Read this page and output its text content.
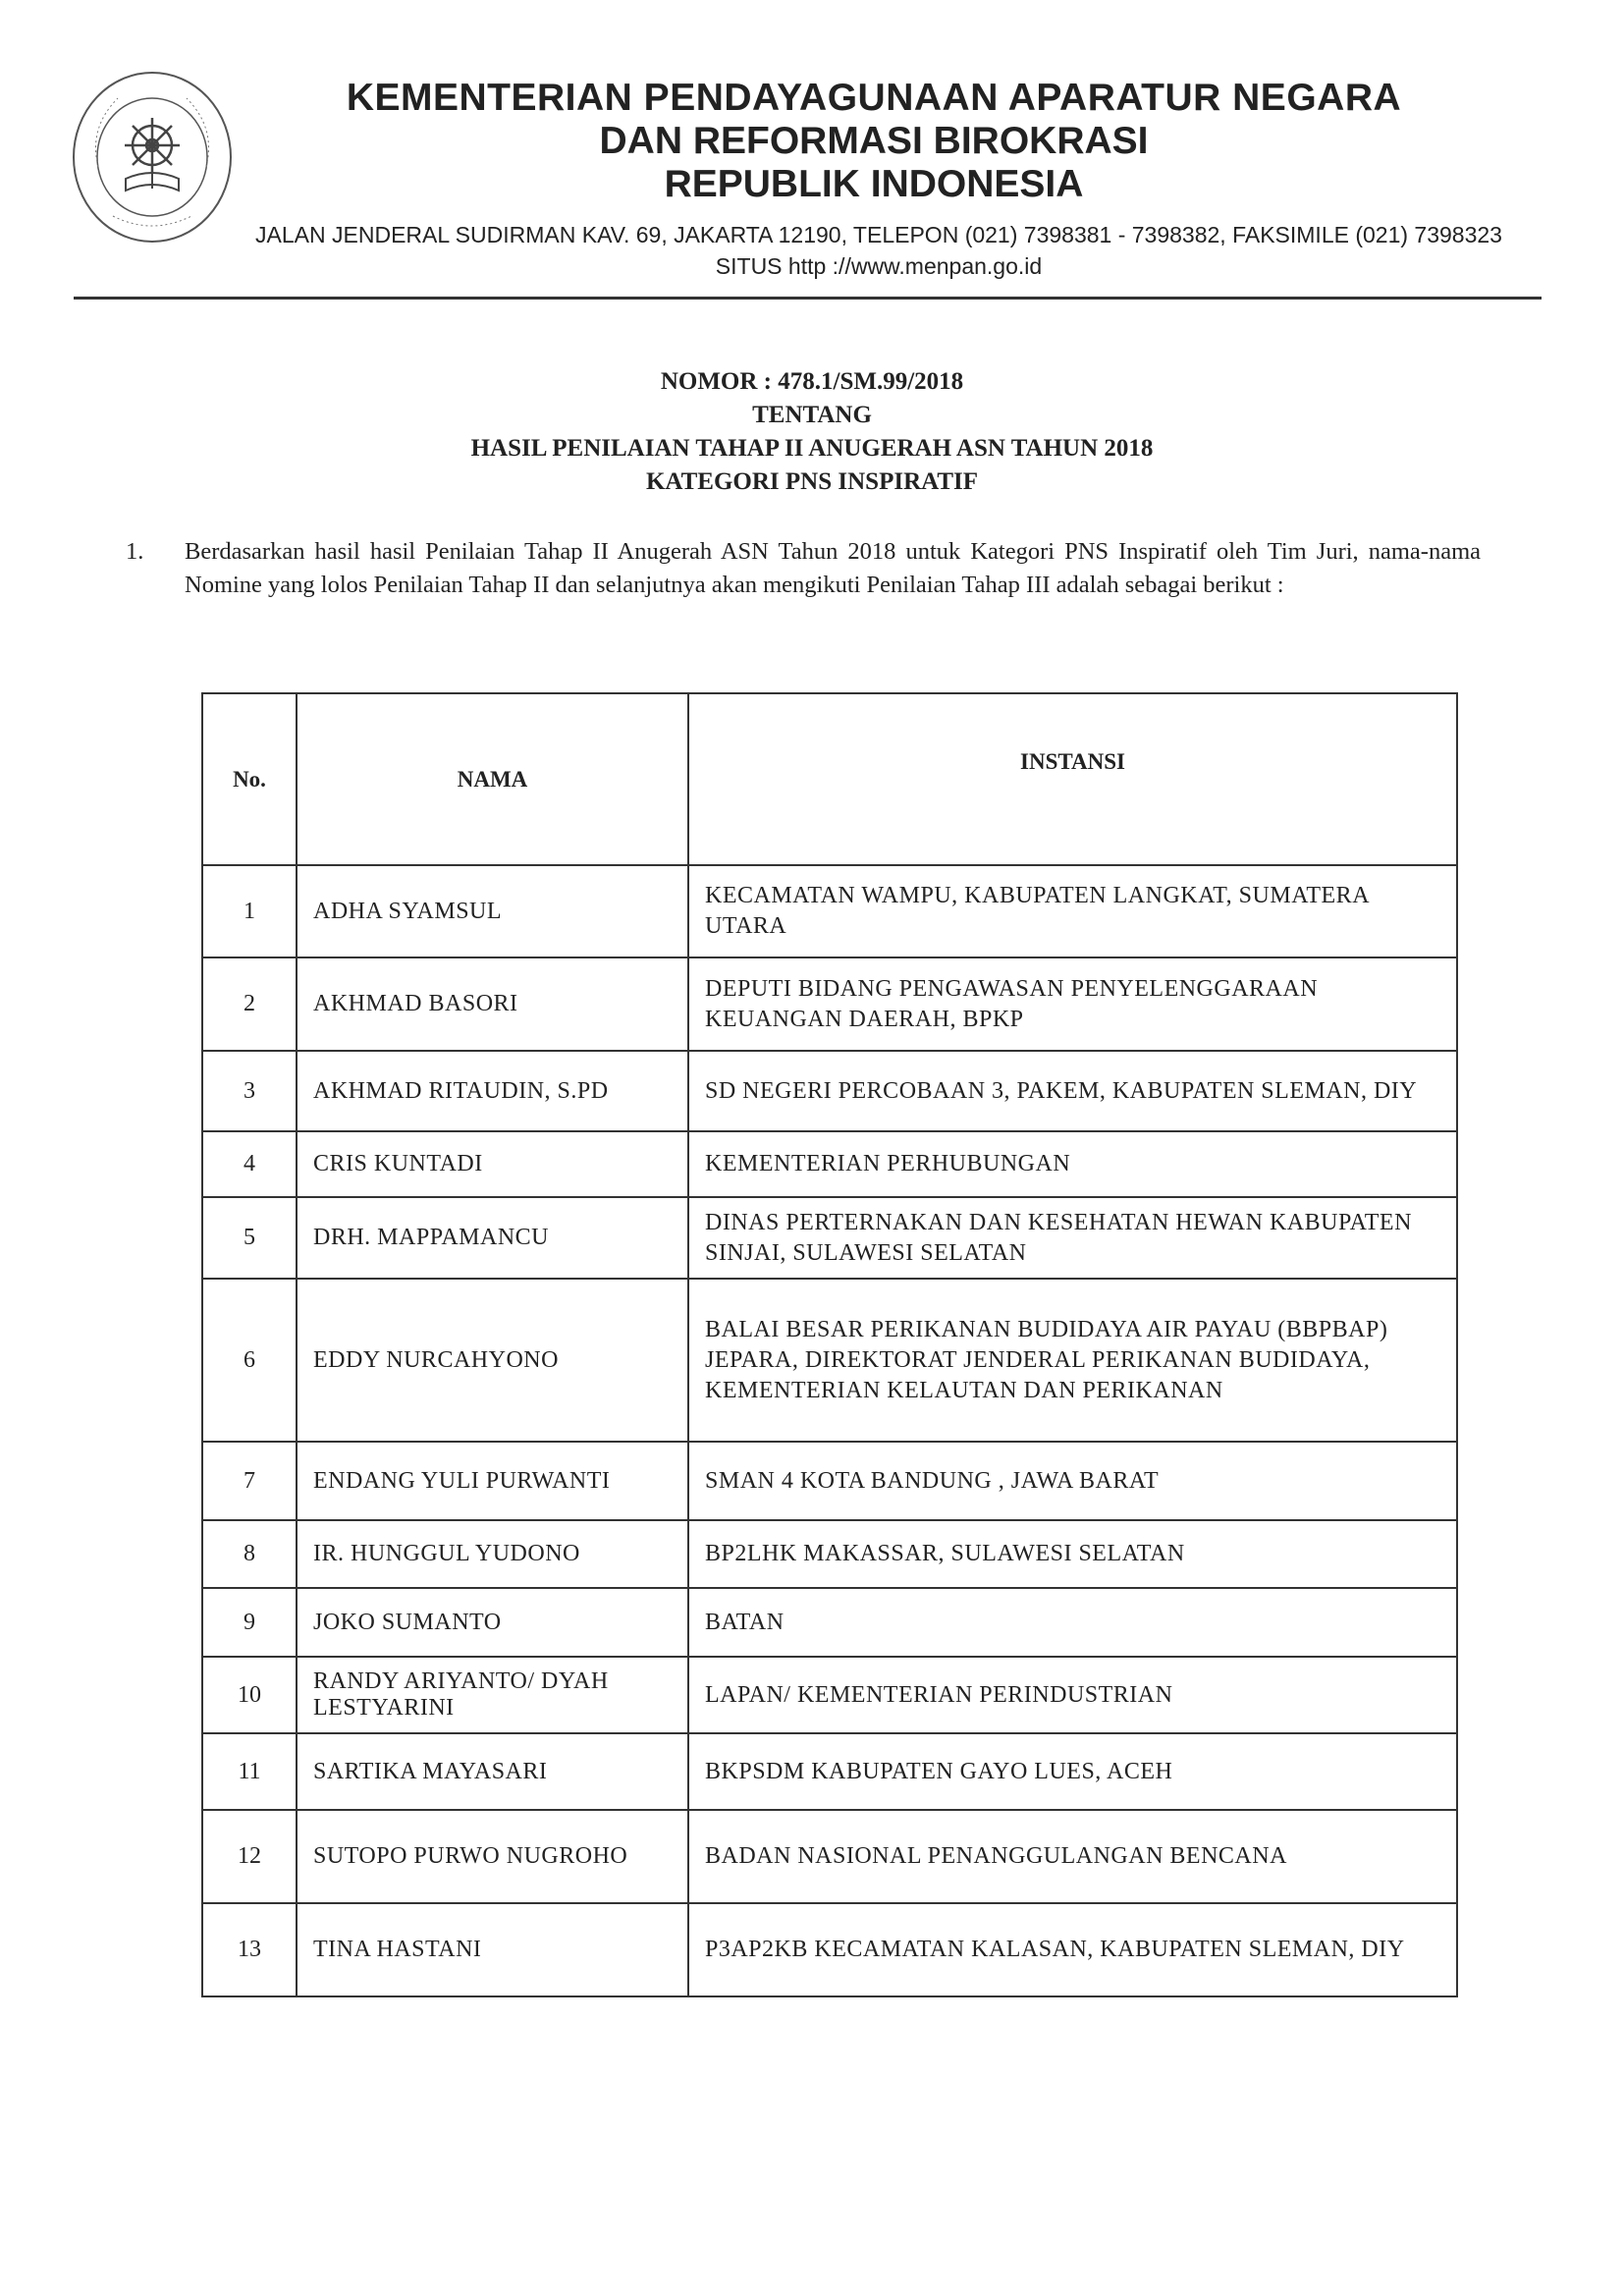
KEMENTERIAN PENDAYAGUNAAN APARATUR NEGARA
DAN REFORMASI BIROKRASI
REPUBLIK INDONESIA
JALAN JENDERAL SUDIRMAN KAV. 69, JAKARTA 12190, TELEPON (021) 7398381 - 7398382, FAKSIMILE (021) 7398323
SITUS http ://www.menpan.go.id
NOMOR : 478.1/SM.99/2018
TENTANG
HASIL PENILAIAN TAHAP II ANUGERAH ASN TAHUN 2018
KATEGORI PNS INSPIRATIF
1. Berdasarkan hasil hasil Penilaian Tahap II Anugerah ASN Tahun 2018 untuk Kategori PNS Inspiratif oleh Tim Juri, nama-nama Nomine yang lolos Penilaian Tahap II dan selanjutnya akan mengikuti Penilaian Tahap III adalah sebagai berikut :
No.	NAMA	INSTANSI
1	ADHA SYAMSUL	KECAMATAN WAMPU, KABUPATEN LANGKAT, SUMATERA UTARA
2	AKHMAD BASORI	DEPUTI BIDANG PENGAWASAN PENYELENGGARAAN KEUANGAN DAERAH, BPKP
3	AKHMAD RITAUDIN, S.PD	SD NEGERI PERCOBAAN 3, PAKEM, KABUPATEN SLEMAN, DIY
4	CRIS KUNTADI	KEMENTERIAN PERHUBUNGAN
5	DRH. MAPPAMANCU	DINAS PERTERNAKAN DAN KESEHATAN HEWAN KABUPATEN SINJAI, SULAWESI SELATAN
6	EDDY NURCAHYONO	BALAI BESAR PERIKANAN BUDIDAYA AIR PAYAU (BBPBAP) JEPARA, DIREKTORAT JENDERAL PERIKANAN BUDIDAYA, KEMENTERIAN KELAUTAN DAN PERIKANAN
7	ENDANG YULI PURWANTI	SMAN 4 KOTA BANDUNG , JAWA BARAT
8	IR. HUNGGUL YUDONO	BP2LHK MAKASSAR, SULAWESI SELATAN
9	JOKO SUMANTO	BATAN
10	RANDY ARIYANTO/ DYAH LESTYARINI	LAPAN/ KEMENTERIAN PERINDUSTRIAN
11	SARTIKA MAYASARI	BKPSDM KABUPATEN GAYO LUES, ACEH
12	SUTOPO PURWO NUGROHO	BADAN NASIONAL PENANGGULANGAN BENCANA
13	TINA HASTANI	P3AP2KB KECAMATAN KALASAN, KABUPATEN SLEMAN, DIY
